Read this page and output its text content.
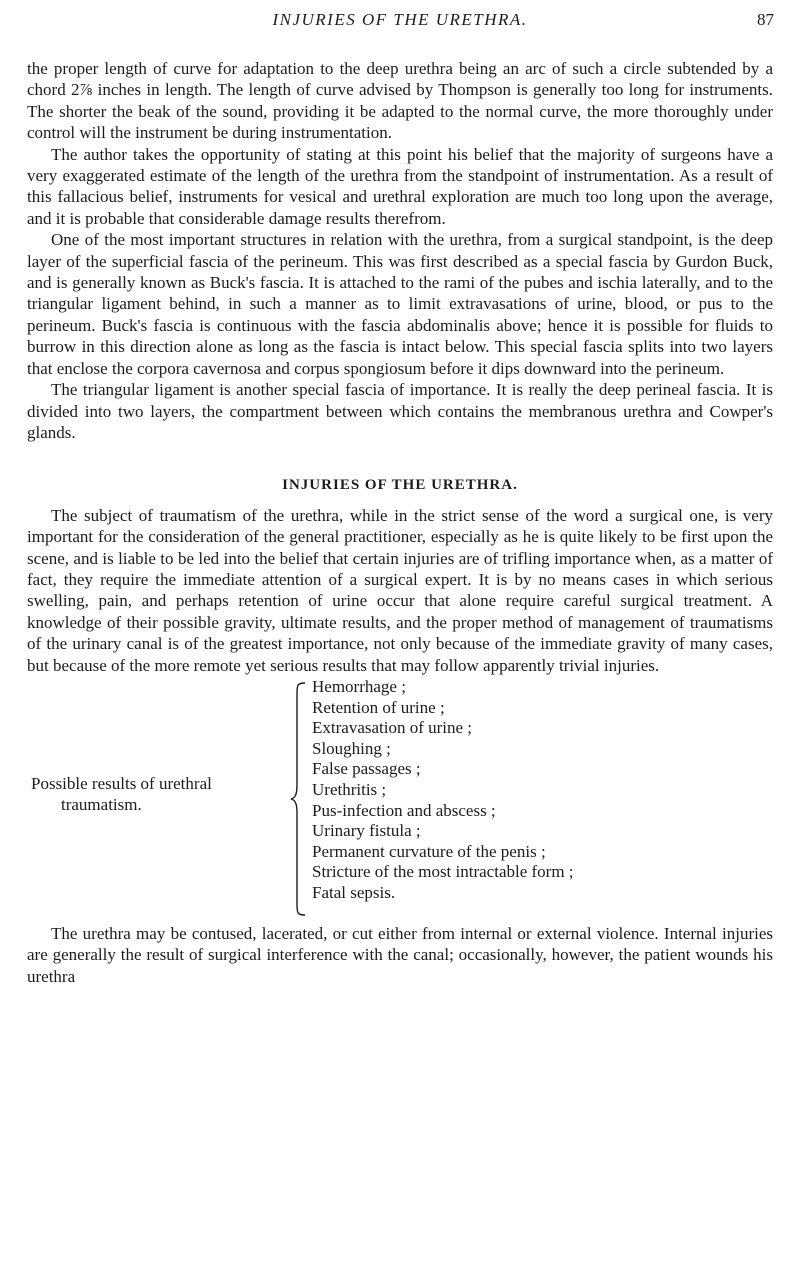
INJURIES OF THE URETHRA.	87

the proper length of curve for adaptation to the deep urethra being an arc of such a circle subtended by a chord 2⅞ inches in length. The length of curve advised by Thompson is generally too long for instruments. The shorter the beak of the sound, providing it be adapted to the normal curve, the more thoroughly under control will the instrument be during instrumentation.

The author takes the opportunity of stating at this point his belief that the majority of surgeons have a very exaggerated estimate of the length of the urethra from the standpoint of instrumentation. As a result of this fallacious belief, instruments for vesical and urethral exploration are much too long upon the average, and it is probable that considerable damage results therefrom.

One of the most important structures in relation with the urethra, from a surgical standpoint, is the deep layer of the superficial fascia of the perineum. This was first described as a special fascia by Gurdon Buck, and is generally known as Buck's fascia. It is attached to the rami of the pubes and ischia laterally, and to the triangular ligament behind, in such a manner as to limit extravasations of urine, blood, or pus to the perineum. Buck's fascia is continuous with the fascia abdominalis above; hence it is possible for fluids to burrow in this direction alone as long as the fascia is intact below. This special fascia splits into two layers that enclose the corpora cavernosa and corpus spongiosum before it dips downward into the perineum.

The triangular ligament is another special fascia of importance. It is really the deep perineal fascia. It is divided into two layers, the compartment between which contains the membranous urethra and Cowper's glands.

INJURIES OF THE URETHRA.

The subject of traumatism of the urethra, while in the strict sense of the word a surgical one, is very important for the consideration of the general practitioner, especially as he is quite likely to be first upon the scene, and is liable to be led into the belief that certain injuries are of trifling importance when, as a matter of fact, they require the immediate attention of a surgical expert. It is by no means cases in which serious swelling, pain, and perhaps retention of urine occur that alone require careful surgical treatment. A knowledge of their possible gravity, ultimate results, and the proper method of management of traumatisms of the urinary canal is of the greatest importance, not only because of the immediate gravity of many cases, but because of the more remote yet serious results that may follow apparently trivial injuries.

Possible results of urethral
traumatism.
Hemorrhage ;
Retention of urine ;
Extravasation of urine ;
Sloughing ;
False passages ;
Urethritis ;
Pus-infection and abscess ;
Urinary fistula ;
Permanent curvature of the penis ;
Stricture of the most intractable form ;
Fatal sepsis.

The urethra may be contused, lacerated, or cut either from internal or external violence. Internal injuries are generally the result of surgical interference with the canal; occasionally, however, the patient wounds his urethra
